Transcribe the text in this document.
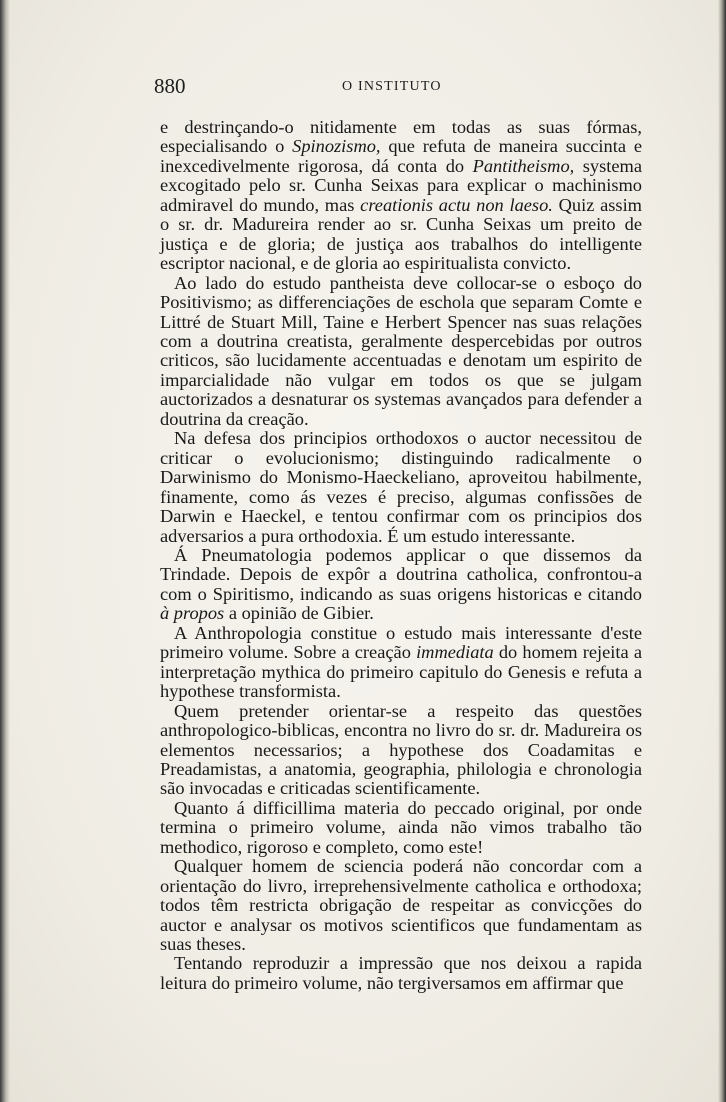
880	O INSTITUTO

e destrinçando-o nitidamente em todas as suas fórmas, especialisando o Spinozismo, que refuta de maneira succinta e inexcedivelmente rigorosa, dá conta do Pantitheismo, systema excogitado pelo sr. Cunha Seixas para explicar o machinismo admiravel do mundo, mas creationis actu non laeso. Quiz assim o sr. dr. Madureira render ao sr. Cunha Seixas um preito de justiça e de gloria; de justiça aos trabalhos do intelligente escriptor nacional, e de gloria ao espiritualista convicto.

Ao lado do estudo pantheista deve collocar-se o esboço do Positivismo; as differenciações de eschola que separam Comte e Littré de Stuart Mill, Taine e Herbert Spencer nas suas relações com a doutrina creatista, geralmente despercebidas por outros criticos, são lucidamente accentuadas e denotam um espirito de imparcialidade não vulgar em todos os que se julgam auctorizados a desnaturar os systemas avançados para defender a doutrina da creação.

Na defesa dos principios orthodoxos o auctor necessitou de criticar o evolucionismo; distinguindo radicalmente o Darwinismo do Monismo-Haeckeliano, aproveitou habilmente, finamente, como ás vezes é preciso, algumas confissões de Darwin e Haeckel, e tentou confirmar com os principios dos adversarios a pura orthodoxia. É um estudo interessante.

Á Pneumatologia podemos applicar o que dissemos da Trindade. Depois de expôr a doutrina catholica, confrontou-a com o Spiritismo, indicando as suas origens historicas e citando à propos a opinião de Gibier.

A Anthropologia constitue o estudo mais interessante d'este primeiro volume. Sobre a creação immediata do homem rejeita a interpretação mythica do primeiro capitulo do Genesis e refuta a hypothese transformista.

Quem pretender orientar-se a respeito das questões anthropologico-biblicas, encontra no livro do sr. dr. Madureira os elementos necessarios; a hypothese dos Coadamitas e Preadamistas, a anatomia, geographia, philologia e chronologia são invocadas e criticadas scientificamente.

Quanto á difficillima materia do peccado original, por onde termina o primeiro volume, ainda não vimos trabalho tão methodico, rigoroso e completo, como este!

Qualquer homem de sciencia poderá não concordar com a orientação do livro, irreprehensivelmente catholica e orthodoxa; todos têm restricta obrigação de respeitar as convicções do auctor e analysar os motivos scientificos que fundamentam as suas theses.

Tentando reproduzir a impressão que nos deixou a rapida leitura do primeiro volume, não tergiversamos em affirmar que
